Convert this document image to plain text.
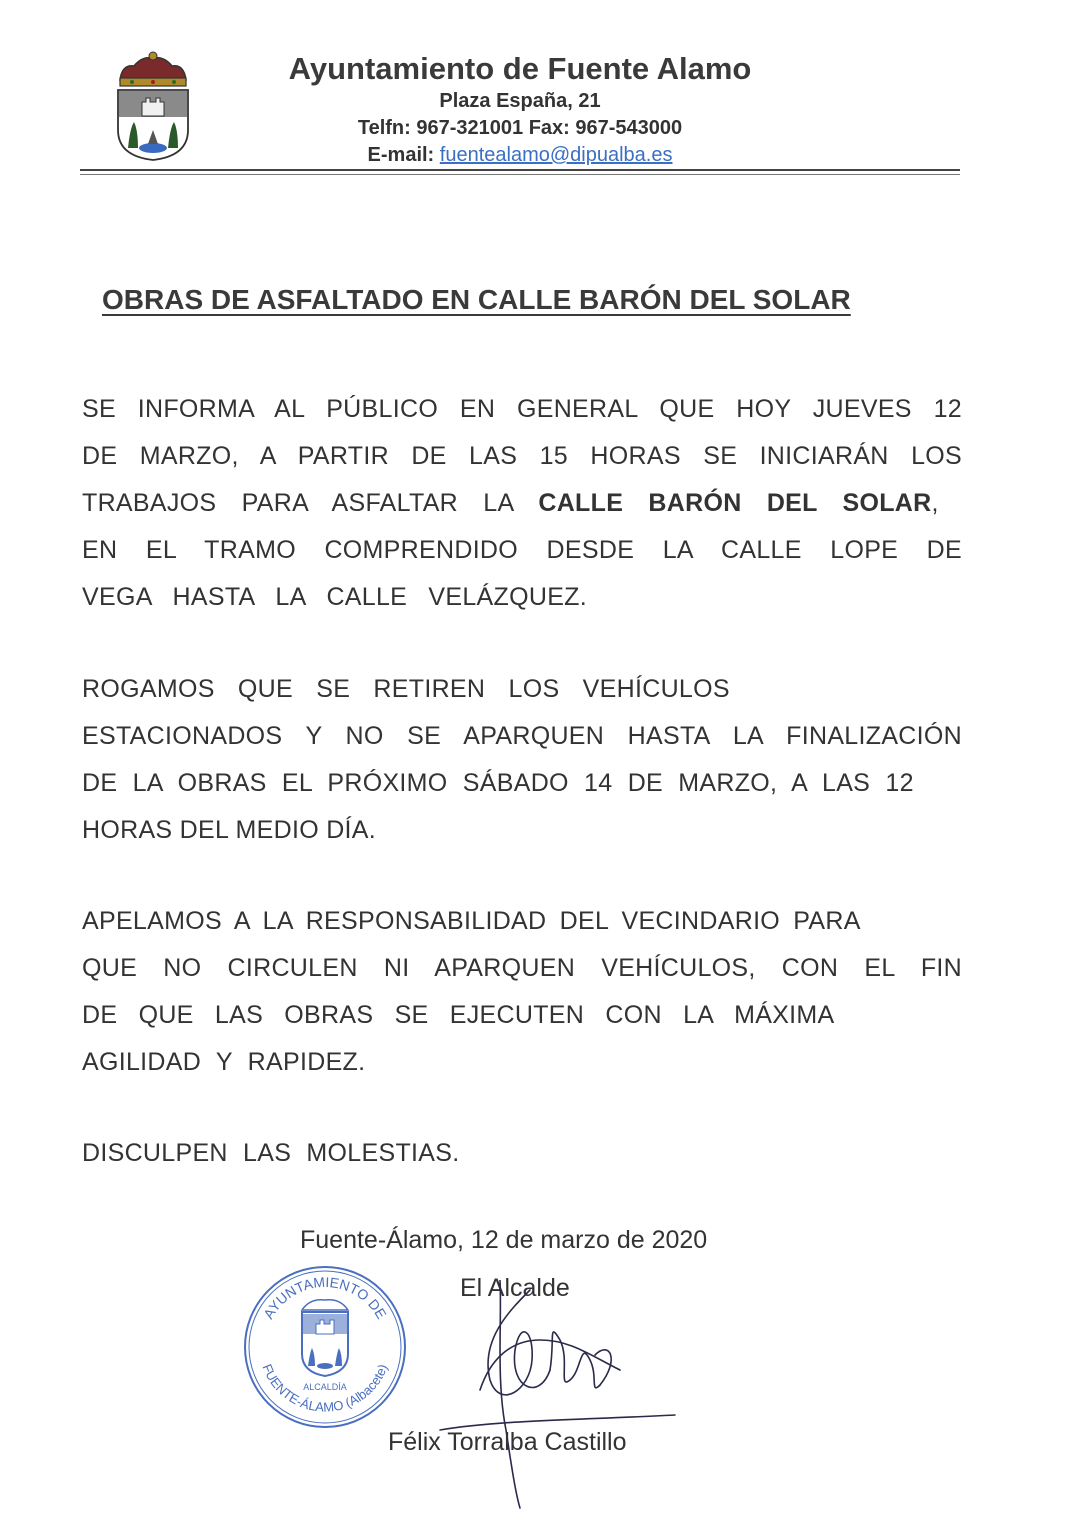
Ayuntamiento de Fuente Alamo
Plaza España, 21
Telfn: 967-321001 Fax: 967-543000
E-mail: fuentealamo@dipualba.es
OBRAS DE ASFALTADO EN CALLE BARÓN DEL SOLAR
SE INFORMA AL PÚBLICO EN GENERAL QUE HOY JUEVES 12
DE MARZO, A PARTIR DE LAS 15 HORAS SE INICIARÁN LOS
TRABAJOS PARA ASFALTAR LA CALLE BARÓN DEL SOLAR,
EN EL TRAMO COMPRENDIDO DESDE LA CALLE LOPE DE
VEGA HASTA LA CALLE VELÁZQUEZ.
ROGAMOS QUE SE RETIREN LOS VEHÍCULOS
ESTACIONADOS Y NO SE APARQUEN HASTA LA FINALIZACIÓN
DE LA OBRAS EL PRÓXIMO SÁBADO 14 DE MARZO, A LAS 12
HORAS DEL MEDIO DÍA.
APELAMOS A LA RESPONSABILIDAD DEL VECINDARIO PARA
QUE NO CIRCULEN NI APARQUEN VEHÍCULOS, CON EL FIN
DE QUE LAS OBRAS SE EJECUTEN CON LA MÁXIMA
AGILIDAD Y RAPIDEZ.
DISCULPEN LAS MOLESTIAS.
Fuente-Álamo, 12 de marzo de 2020
El Alcalde
AYUNTAMIENTO DE
FUENTE-ÁLAMO (Albacete)
ALCALDÍA
Félix Torralba Castillo
